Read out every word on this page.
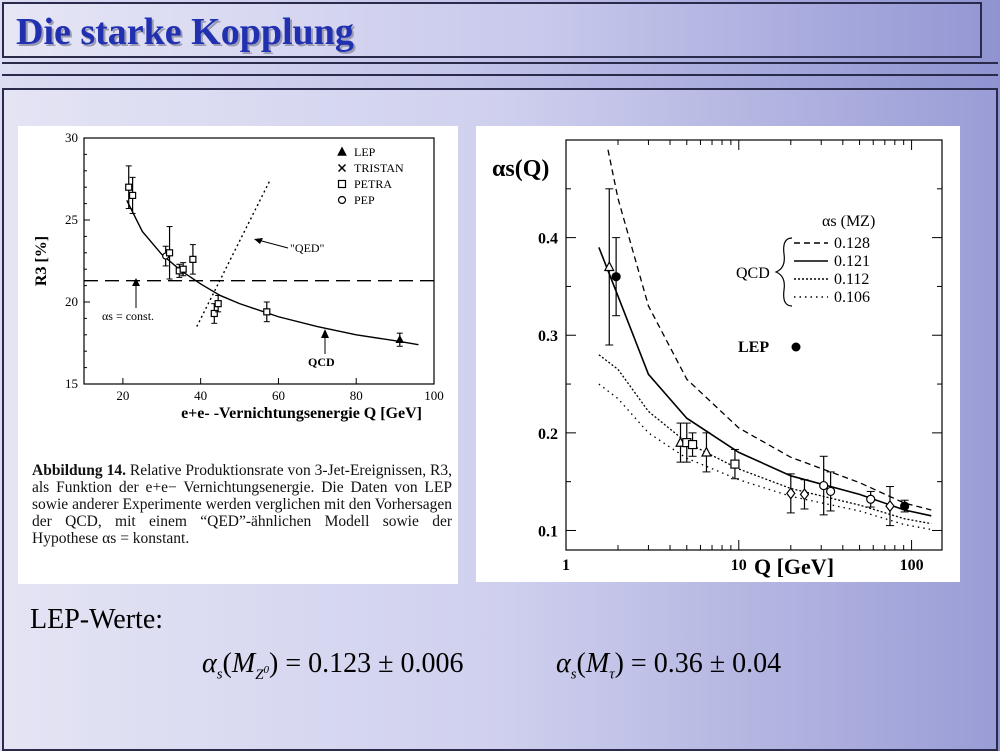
Die starke Kopplung
20	40	60	80	100
15
20
25
30
R3 [%]
e+e- -Vernichtungsenergie Q [GeV]
LEP
TRISTAN
PETRA
PEP
"QED"
αs = const.
QCD
Abbildung 14. Relative Produktionsrate von 3-Jet-Ereignissen, R3, als Funktion der e+e− Vernichtungsenergie. Die Daten von LEP sowie anderer Experimente werden verglichen mit den Vorhersagen der QCD, mit einem “QED”-ähnlichen Modell sowie der Hypothese αs = konstant.
1	10	100
0.1
0.2
0.3
0.4
αs(Q)
Q [GeV]
αs (MZ)
0.128
0.121
0.112
0.106
QCD
LEP
LEP-Werte:
$\alpha_s(M_{Z^0}) = 0.123 \pm 0.006$	$\alpha_s(M_\tau) = 0.36 \pm 0.04$
